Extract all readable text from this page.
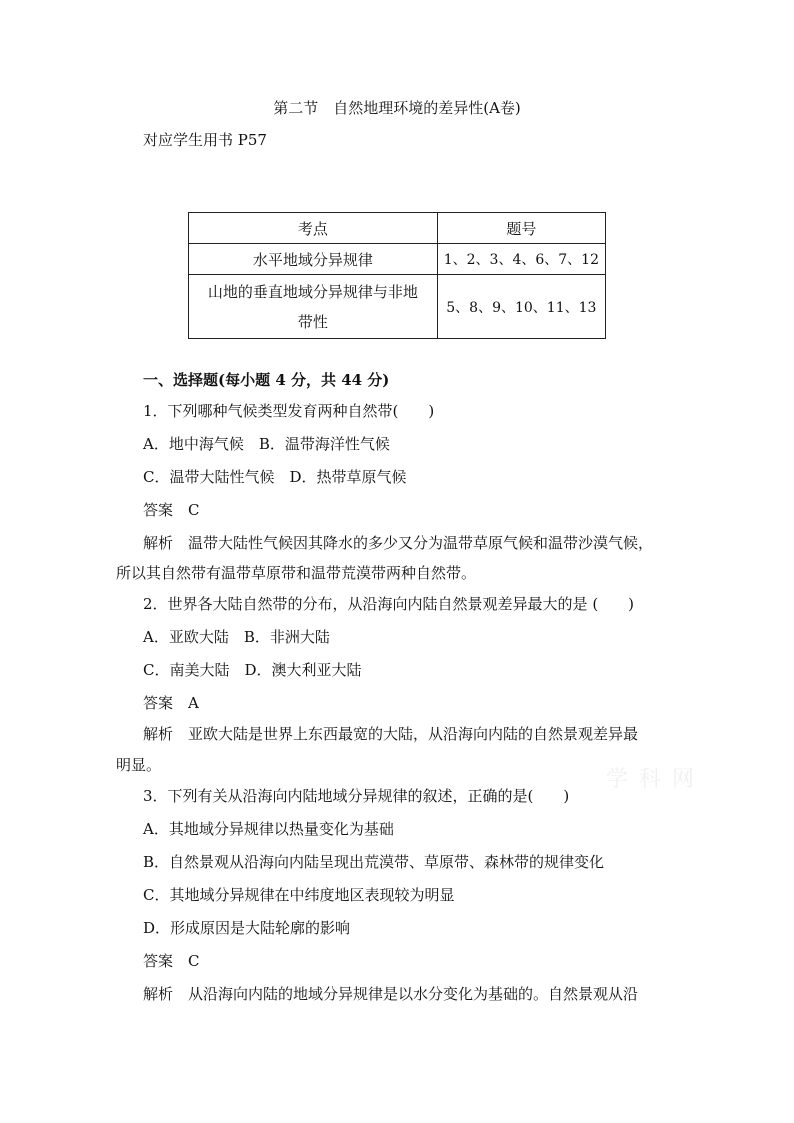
第二节　自然地理环境的差异性(A卷)
对应学生用书 P57
考点	题号
水平地域分异规律	1、2、3、4、6、7、12
山地的垂直地域分异规律与非地
带性	5、8、9、10、11、13
一、选择题(每小题 4 分，共 44 分)
1．下列哪种气候类型发育两种自然带(　　)
A．地中海气候　B．温带海洋性气候
C．温带大陆性气候　D．热带草原气候
答案　C
解析　温带大陆性气候因其降水的多少又分为温带草原气候和温带沙漠气候，
所以其自然带有温带草原带和温带荒漠带两种自然带。
2．世界各大陆自然带的分布，从沿海向内陆自然景观差异最大的是 (　　)
A．亚欧大陆　B．非洲大陆
C．南美大陆　D．澳大利亚大陆
答案　A
解析　亚欧大陆是世界上东西最宽的大陆，从沿海向内陆的自然景观差异最
明显。
3．下列有关从沿海向内陆地域分异规律的叙述，正确的是(　　)
A．其地域分异规律以热量变化为基础
B．自然景观从沿海向内陆呈现出荒漠带、草原带、森林带的规律变化
C．其地域分异规律在中纬度地区表现较为明显
D．形成原因是大陆轮廓的影响
答案　C
解析　从沿海向内陆的地域分异规律是以水分变化为基础的。自然景观从沿
学 科 网
